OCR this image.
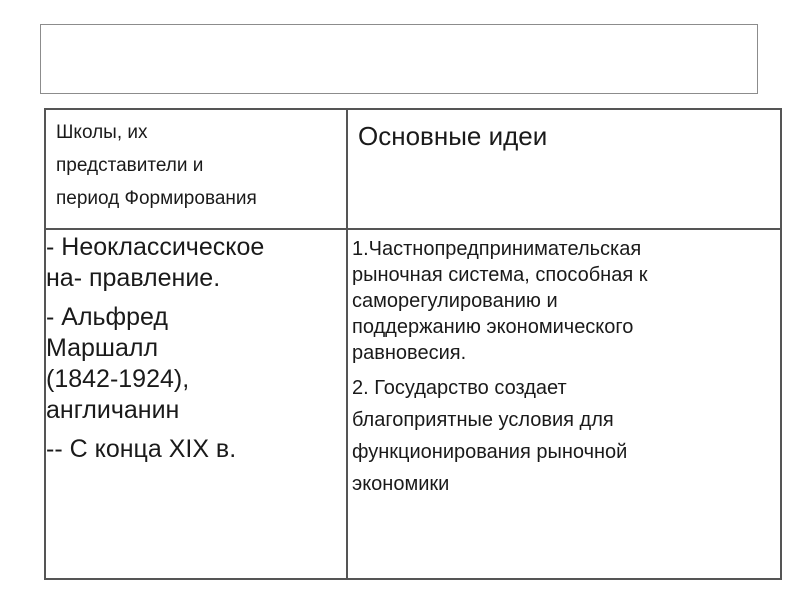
Школы, их
представители и
период Формирования
Основные идеи
- Неоклассическое
на- правление.
- Альфред
Маршалл
(1842-1924),
англичанин
-- С конца XIX в.
1.Частнопредпринимательская
рыночная система, способная к
саморегулированию и
поддержанию экономического
равновесия.
2. Государство создает
благоприятные условия для
функционирования рыночной
экономики
